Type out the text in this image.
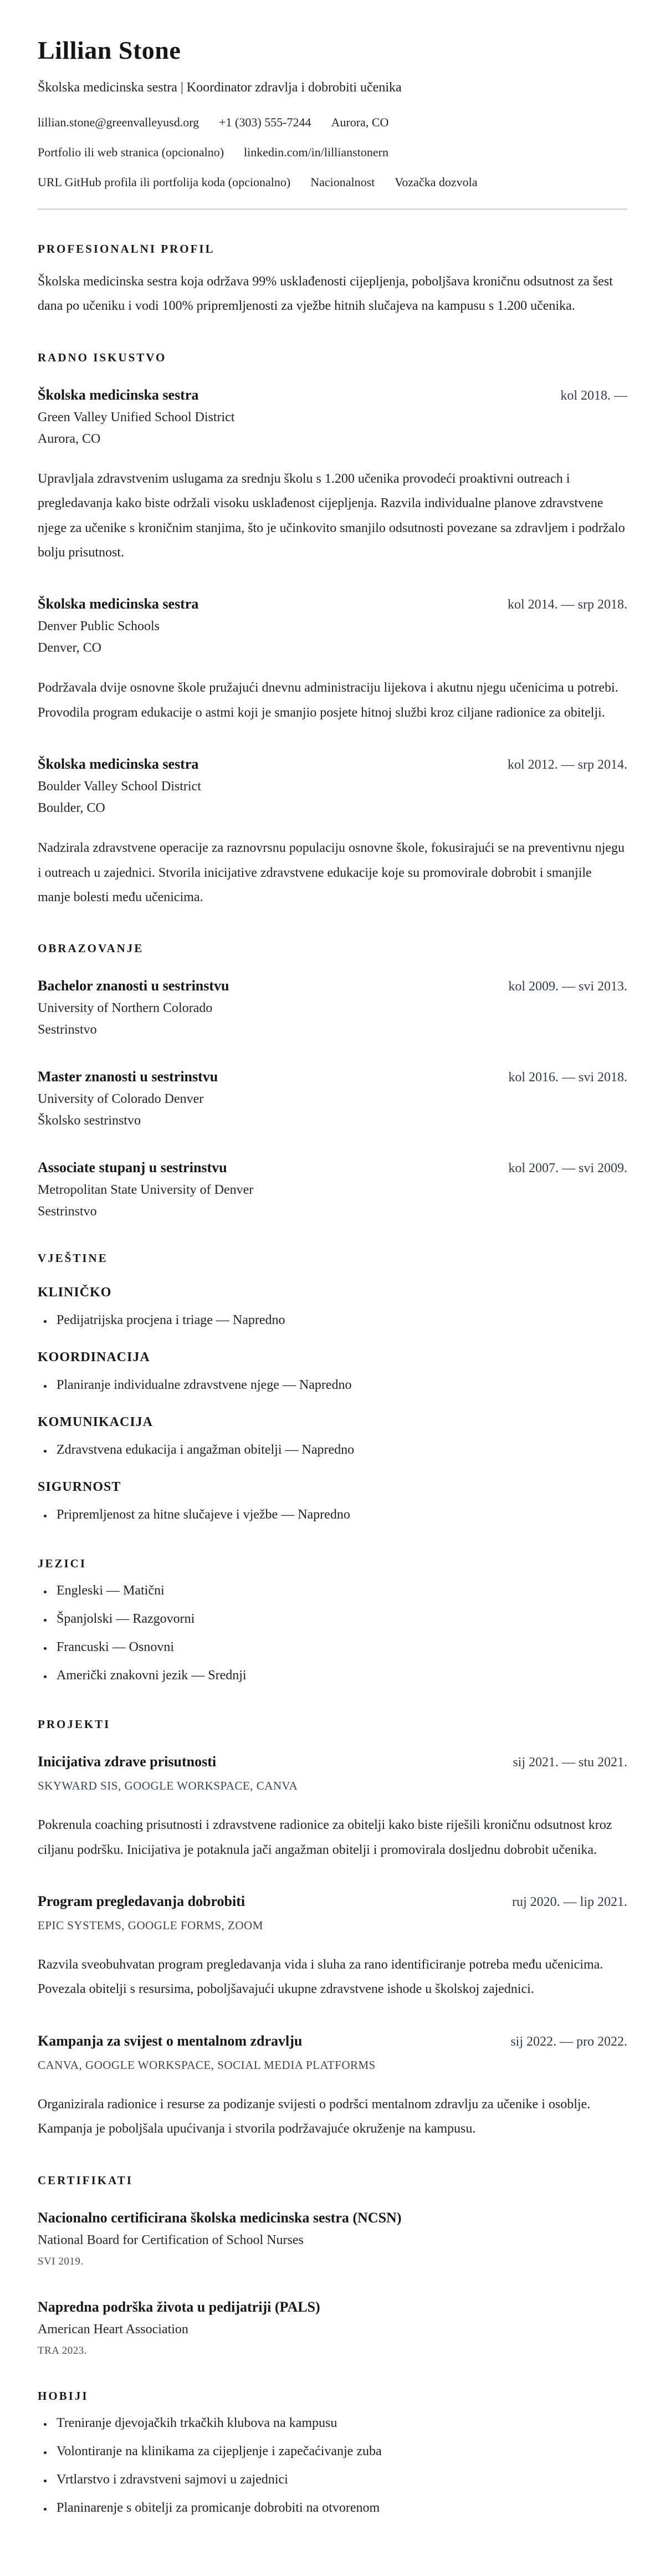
Lillian Stone

Školska medicinska sestra | Koordinator zdravlja i dobrobiti učenika

lillian.stone@greenvalleyusd.org +1 (303) 555-7244 Aurora, CO
Portfolio ili web stranica (opcionalno) linkedin.com/in/lillianstonern
URL GitHub profila ili portfolija koda (opcionalno) Nacionalnost Vozačka dozvola
PROFESIONALNI PROFIL

Školska medicinska sestra koja održava 99% usklađenosti cijepljenja, poboljšava kroničnu odsutnost za šest dana po učeniku i vodi 100% pripremljenosti za vježbe hitnih slučajeva na kampusu s 1.200 učenika.

RADNO ISKUSTVO
Školska medicinska sestra	kol 2018. —
Green Valley Unified School District
Aurora, CO

Upravljala zdravstvenim uslugama za srednju školu s 1.200 učenika provodeći proaktivni outreach i pregledavanja kako biste održali visoku usklađenost cijepljenja. Razvila individualne planove zdravstvene njege za učenike s kroničnim stanjima, što je učinkovito smanjilo odsutnosti povezane sa zdravljem i podržalo bolju prisutnost.

Školska medicinska sestra	kol 2014. — srp 2018.
Denver Public Schools
Denver, CO

Podržavala dvije osnovne škole pružajući dnevnu administraciju lijekova i akutnu njegu učenicima u potrebi. Provodila program edukacije o astmi koji je smanjio posjete hitnoj službi kroz ciljane radionice za obitelji.

Školska medicinska sestra	kol 2012. — srp 2014.
Boulder Valley School District
Boulder, CO

Nadzirala zdravstvene operacije za raznovrsnu populaciju osnovne škole, fokusirajući se na preventivnu njegu i outreach u zajednici. Stvorila inicijative zdravstvene edukacije koje su promovirale dobrobit i smanjile manje bolesti među učenicima.

OBRAZOVANJE
Bachelor znanosti u sestrinstvu	kol 2009. — svi 2013.
University of Northern Colorado
Sestrinstvo
Master znanosti u sestrinstvu	kol 2016. — svi 2018.
University of Colorado Denver
Školsko sestrinstvo
Associate stupanj u sestrinstvu	kol 2007. — svi 2009.
Metropolitan State University of Denver
Sestrinstvo
VJEŠTINE
KLINIČKO
• Pedijatrijska procjena i triage — Napredno
KOORDINACIJA
• Planiranje individualne zdravstvene njege — Napredno
KOMUNIKACIJA
• Zdravstvena edukacija i angažman obitelji — Napredno
SIGURNOST
• Pripremljenost za hitne slučajeve i vježbe — Napredno
JEZICI
• Engleski — Matični
• Španjolski — Razgovorni
• Francuski — Osnovni
• Američki znakovni jezik — Srednji
PROJEKTI
Inicijativa zdrave prisutnosti	sij 2021. — stu 2021.
SKYWARD SIS, GOOGLE WORKSPACE, CANVA

Pokrenula coaching prisutnosti i zdravstvene radionice za obitelji kako biste riješili kroničnu odsutnost kroz ciljanu podršku. Inicijativa je potaknula jači angažman obitelji i promovirala dosljednu dobrobit učenika.

Program pregledavanja dobrobiti	ruj 2020. — lip 2021.
EPIC SYSTEMS, GOOGLE FORMS, ZOOM

Razvila sveobuhvatan program pregledavanja vida i sluha za rano identificiranje potreba među učenicima. Povezala obitelji s resursima, poboljšavajući ukupne zdravstvene ishode u školskoj zajednici.

Kampanja za svijest o mentalnom zdravlju	sij 2022. — pro 2022.
CANVA, GOOGLE WORKSPACE, SOCIAL MEDIA PLATFORMS

Organizirala radionice i resurse za podizanje svijesti o podršci mentalnom zdravlju za učenike i osoblje. Kampanja je poboljšala upućivanja i stvorila podržavajuće okruženje na kampusu.

CERTIFIKATI
Nacionalno certificirana školska medicinska sestra (NCSN)
National Board for Certification of School Nurses
SVI 2019.
Napredna podrška života u pedijatriji (PALS)
American Heart Association
TRA 2023.
HOBIJI
• Treniranje djevojačkih trkačkih klubova na kampusu
• Volontiranje na klinikama za cijepljenje i zapečaćivanje zuba
• Vrtlarstvo i zdravstveni sajmovi u zajednici
• Planinarenje s obitelji za promicanje dobrobiti na otvorenom
